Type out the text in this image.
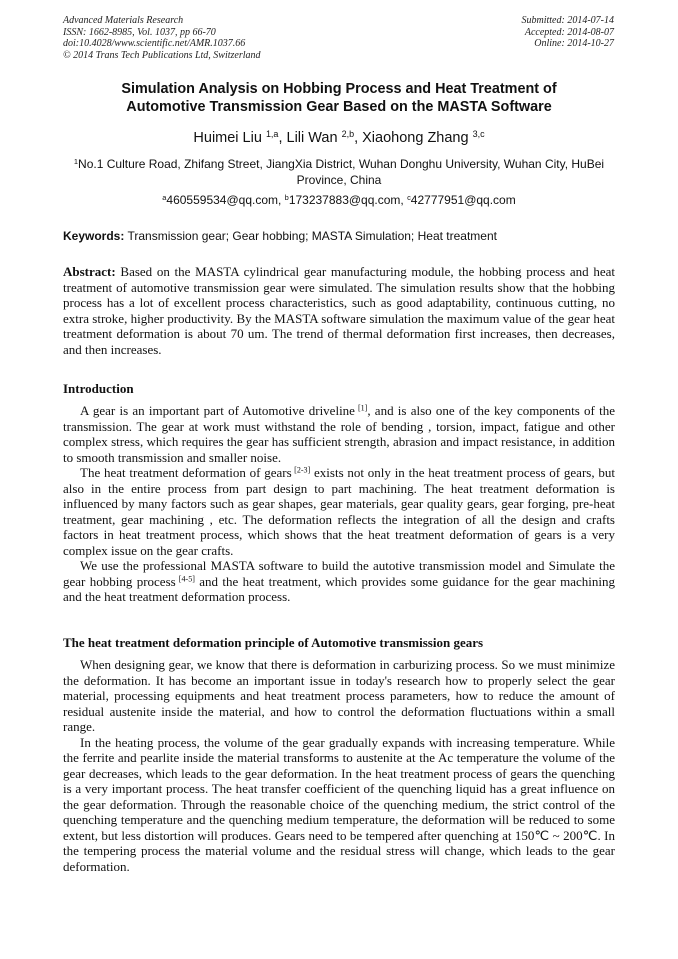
Advanced Materials Research
ISSN: 1662-8985, Vol. 1037, pp 66-70
doi:10.4028/www.scientific.net/AMR.1037.66
© 2014 Trans Tech Publications Ltd, Switzerland
Submitted: 2014-07-14
Accepted: 2014-08-07
Online: 2014-10-27
Simulation Analysis on Hobbing Process and Heat Treatment of
Automotive Transmission Gear Based on the MASTA Software
Huimei Liu $^{1,a}$, Lili Wan $^{2,b}$, Xiaohong Zhang $^{3,c}$
$^1$No.1 Culture Road, Zhifang Street, JiangXia District, Wuhan Donghu University, Wuhan City, HuBei Province, China
$^a$460559534@qq.com, $^b$173237883@qq.com, $^c$42777951@qq.com
Keywords: Transmission gear; Gear hobbing; MASTA Simulation; Heat treatment

Abstract: Based on the MASTA cylindrical gear manufacturing module, the hobbing process and heat treatment of automotive transmission gear were simulated. The simulation results show that the hobbing process has a lot of excellent process characteristics, such as good adaptability, continuous cutting, no extra stroke, higher productivity. By the MASTA software simulation the maximum value of the gear heat treatment deformation is about 70 um. The trend of thermal deformation first increases, then decreases, and then increases.

Introduction

A gear is an important part of Automotive driveline [1], and is also one of the key components of the transmission. The gear at work must withstand the role of bending , torsion, impact, fatigue and other complex stress, which requires the gear has sufficient strength, abrasion and impact resistance, in addition to smooth transmission and smaller noise.

The heat treatment deformation of gears [2-3] exists not only in the heat treatment process of gears, but also in the entire process from part design to part machining. The heat treatment deformation is influenced by many factors such as gear shapes, gear materials, gear quality gears, gear forging, pre-heat treatment, gear machining , etc. The deformation reflects the integration of all the design and crafts factors in heat treatment process, which shows that the heat treatment deformation of gears is a very complex issue on the gear crafts.

We use the professional MASTA software to build the autotive transmission model and Simulate the gear hobbing process [4-5] and the heat treatment, which provides some guidance for the gear machining and the heat treatment deformation process.

The heat treatment deformation principle of Automotive transmission gears

When designing gear, we know that there is deformation in carburizing process. So we must minimize the deformation. It has become an important issue in today's research how to properly select the gear material, processing equipments and heat treatment process parameters, how to reduce the amount of residual austenite inside the material, and how to control the deformation fluctuations within a small range.

In the heating process, the volume of the gear gradually expands with increasing temperature. While the ferrite and pearlite inside the material transforms to austenite at the Ac temperature the volume of the gear decreases, which leads to the gear deformation. In the heat treatment process of gears the quenching is a very important process. The heat transfer coefficient of the quenching liquid has a great influence on the gear deformation. Through the reasonable choice of the quenching medium, the strict control of the quenching temperature and the quenching medium temperature, the deformation will be reduced to some extent, but less distortion will produces. Gears need to be tempered after quenching at 150℃ ~ 200℃. In the tempering process the material volume and the residual stress will change, which leads to the gear deformation.
